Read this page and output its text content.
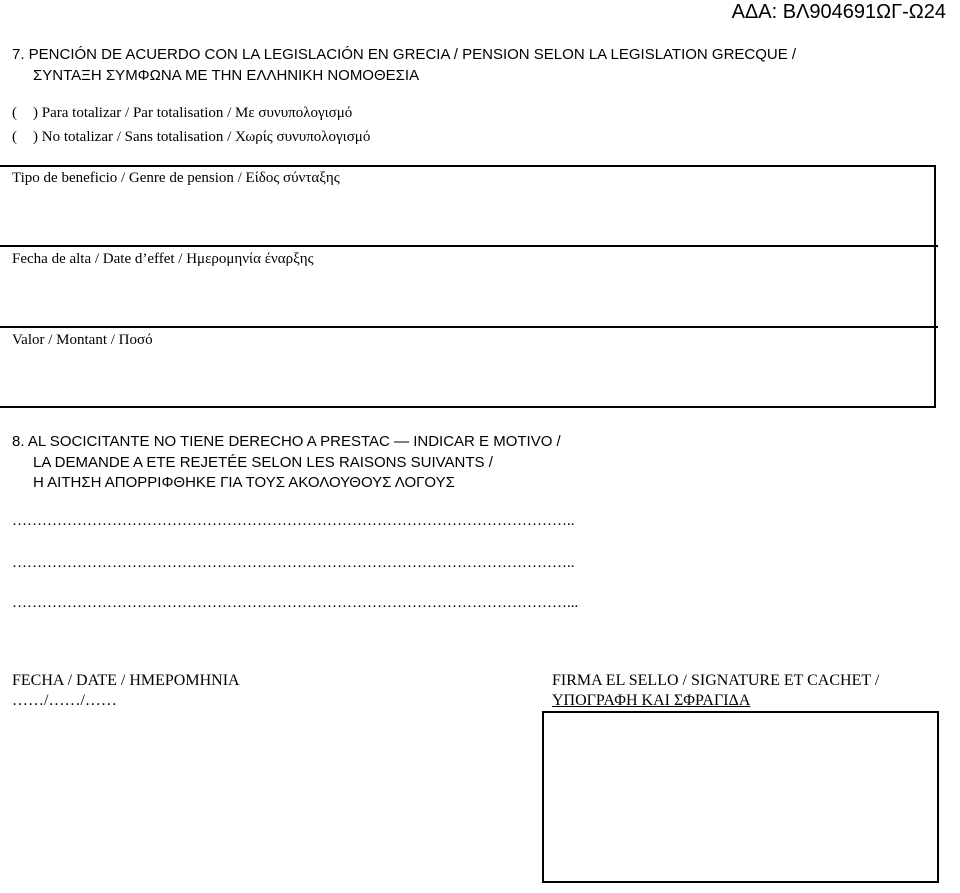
ΑΔΑ: ΒΛ904691ΩΓ-Ω24
7. PENCIÓN DE ACUERDO CON LA LEGISLACIÓN EN GRECIA / PENSION SELON LA LEGISLATION GRECQUE /
ΣΥΝΤΑΞΗ ΣΥΜΦΩΝΑ ΜΕ ΤΗΝ ΕΛΛΗΝΙΚΗ ΝΟΜΟΘΕΣΙΑ
( ) Para totalizar / Par totalisation / Με συνυπολογισμό
( ) No totalizar / Sans totalisation / Χωρίς συνυπολογισμό
Tipo de beneficio / Genre de pension / Είδος σύνταξης
Fecha de alta / Date d’effet / Ημερομηνία έναρξης
Valor / Montant / Ποσό
8. AL SOCICITANTE NO TIENE DERECHO A PRESTAC — INDICAR E MOTIVO /
LA DEMANDE A ETE REJETÉE SELON LES RAISONS SUIVANTS /
Η ΑΙΤΗΣΗ ΑΠΟΡΡΙΦΘΗΚΕ ΓΙΑ ΤΟΥΣ ΑΚΟΛΟΥΘΟΥΣ ΛΟΓΟΥΣ
…………………………………………………………………………………………………..
…………………………………………………………………………………………………..
…………………………………………………………………………………………………...
FECHA / DATE / ΗΜΕΡΟΜΗΝΙΑ
……/……/……
FIRMA EL SELLO / SIGNATURE ET CACHET /
ΥΠΟΓΡΑΦΗ ΚΑΙ ΣΦΡΑΓΙΔΑ
